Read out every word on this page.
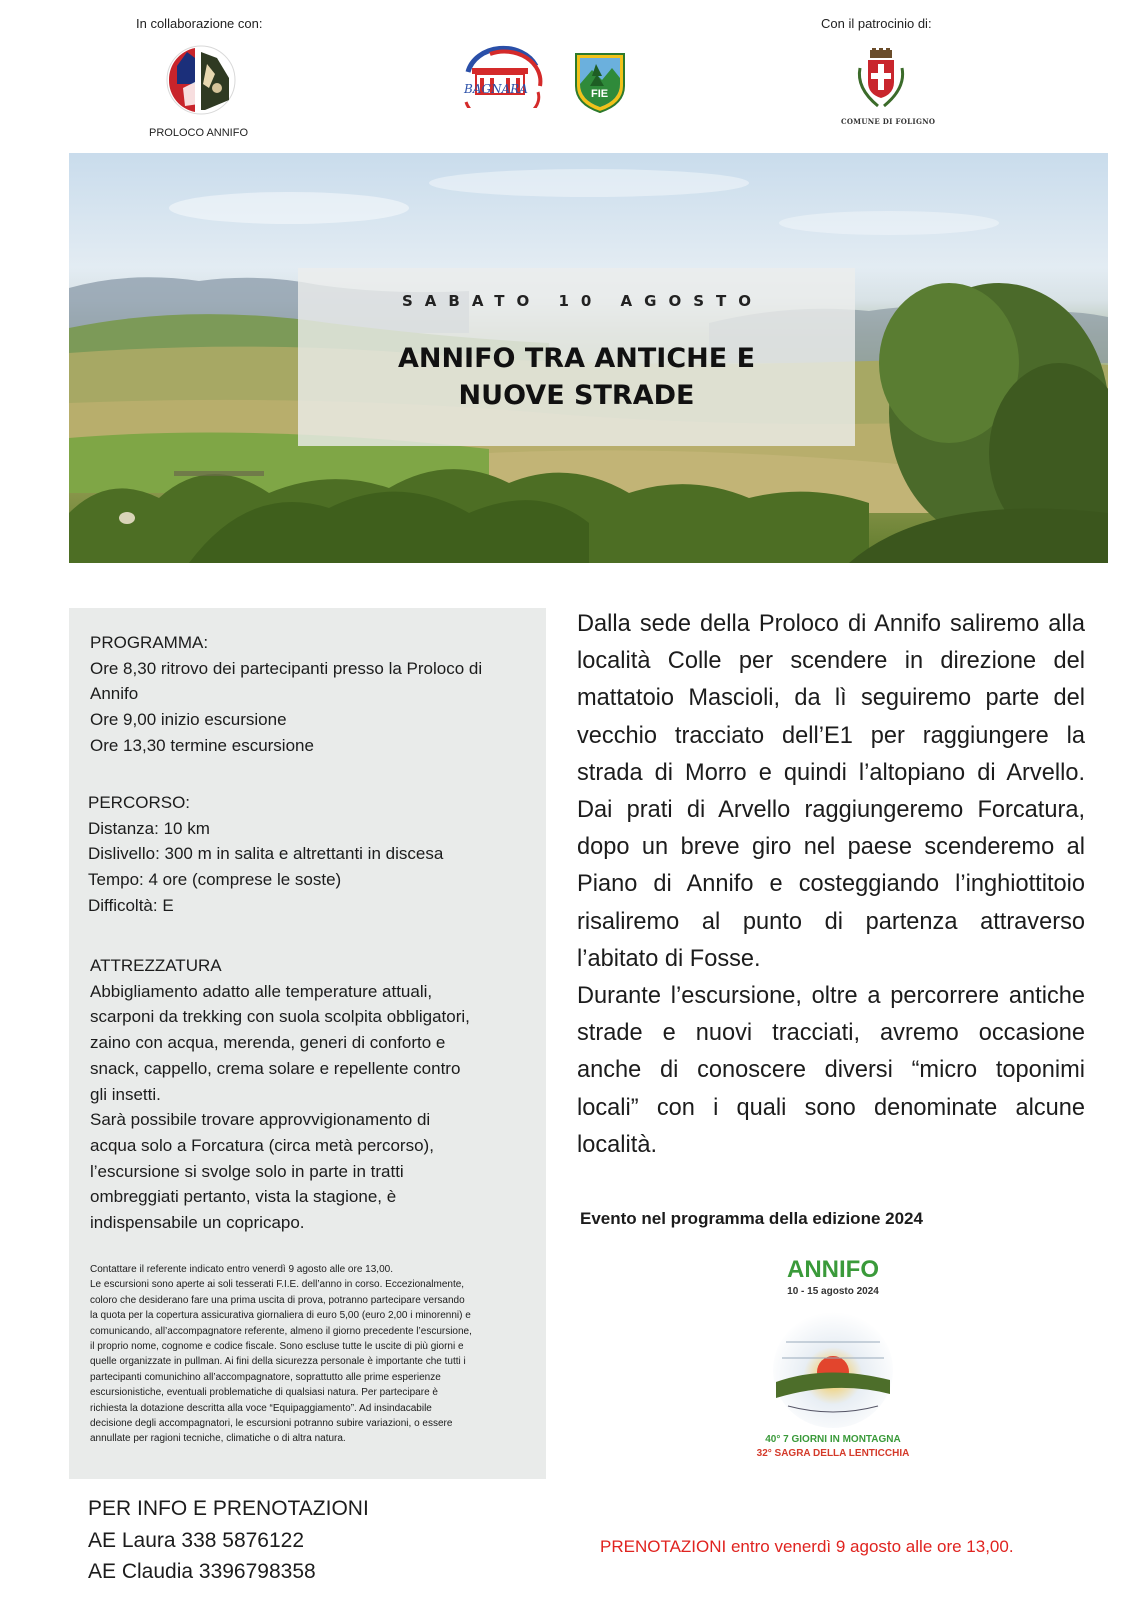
In collaborazione con:	Con il patrocinio di:
PROLOCO ANNIFO
BAGNARA	FIE
COMUNE DI FOLIGNO
SABATO 10 AGOSTO
ANNIFO TRA ANTICHE E
NUOVE STRADE
PROGRAMMA:
Ore 8,30 ritrovo dei partecipanti presso la Proloco di
Annifo
Ore 9,00 inizio escursione
Ore 13,30 termine escursione
PERCORSO:
Distanza: 10 km
Dislivello: 300 m in salita e altrettanti in discesa
Tempo: 4 ore (comprese le soste)
Difficoltà: E
ATTREZZATURA
Abbigliamento adatto alle temperature attuali,
scarponi da trekking con suola scolpita obbligatori,
zaino con acqua, merenda, generi di conforto e
snack, cappello, crema solare e repellente contro
gli insetti.
Sarà possibile trovare approvvigionamento di
acqua solo a Forcatura (circa metà percorso),
l’escursione si svolge solo in parte in tratti
ombreggiati pertanto, vista la stagione, è
indispensabile un copricapo.
Contattare il referente indicato entro venerdì 9 agosto alle ore 13,00.
Le escursioni sono aperte ai soli tesserati F.I.E. dell’anno in corso. Eccezionalmente,
coloro che desiderano fare una prima uscita di prova, potranno partecipare versando
la quota per la copertura assicurativa giornaliera di euro 5,00 (euro 2,00 i minorenni) e
comunicando, all’accompagnatore referente, almeno il giorno precedente l’escursione,
il proprio nome, cognome e codice fiscale. Sono escluse tutte le uscite di più giorni e
quelle organizzate in pullman. Ai fini della sicurezza personale è importante che tutti i
partecipanti comunichino all’accompagnatore, soprattutto alle prime esperienze
escursionistiche, eventuali problematiche di qualsiasi natura. Per partecipare è
richiesta la dotazione descritta alla voce “Equipaggiamento”. Ad insindacabile
decisione degli accompagnatori, le escursioni potranno subire variazioni, o essere
annullate per ragioni tecniche, climatiche o di altra natura.

Dalla sede della Proloco di Annifo saliremo alla località Colle per scendere in direzione del mattatoio Mascioli, da lì seguiremo parte del vecchio tracciato dell’E1 per raggiungere la strada di Morro e quindi l’altopiano di Arvello. Dai prati di Arvello raggiungeremo Forcatura, dopo un breve giro nel paese scenderemo al Piano di Annifo e costeggiando l’inghiottitoio risaliremo al punto di partenza attraverso l’abitato di Fosse.

Durante l’escursione, oltre a percorrere antiche strade e nuovi tracciati, avremo occasione anche di conoscere diversi “micro toponimi locali” con i quali sono denominate alcune località.

Evento nel programma della edizione 2024
ANNIFO
10 - 15 agosto 2024
40° 7 GIORNI IN MONTAGNA
32° SAGRA DELLA LENTICCHIA
PER INFO E PRENOTAZIONI
AE Laura 338 5876122
AE Claudia 3396798358
PRENOTAZIONI entro venerdì 9 agosto alle ore 13,00.
